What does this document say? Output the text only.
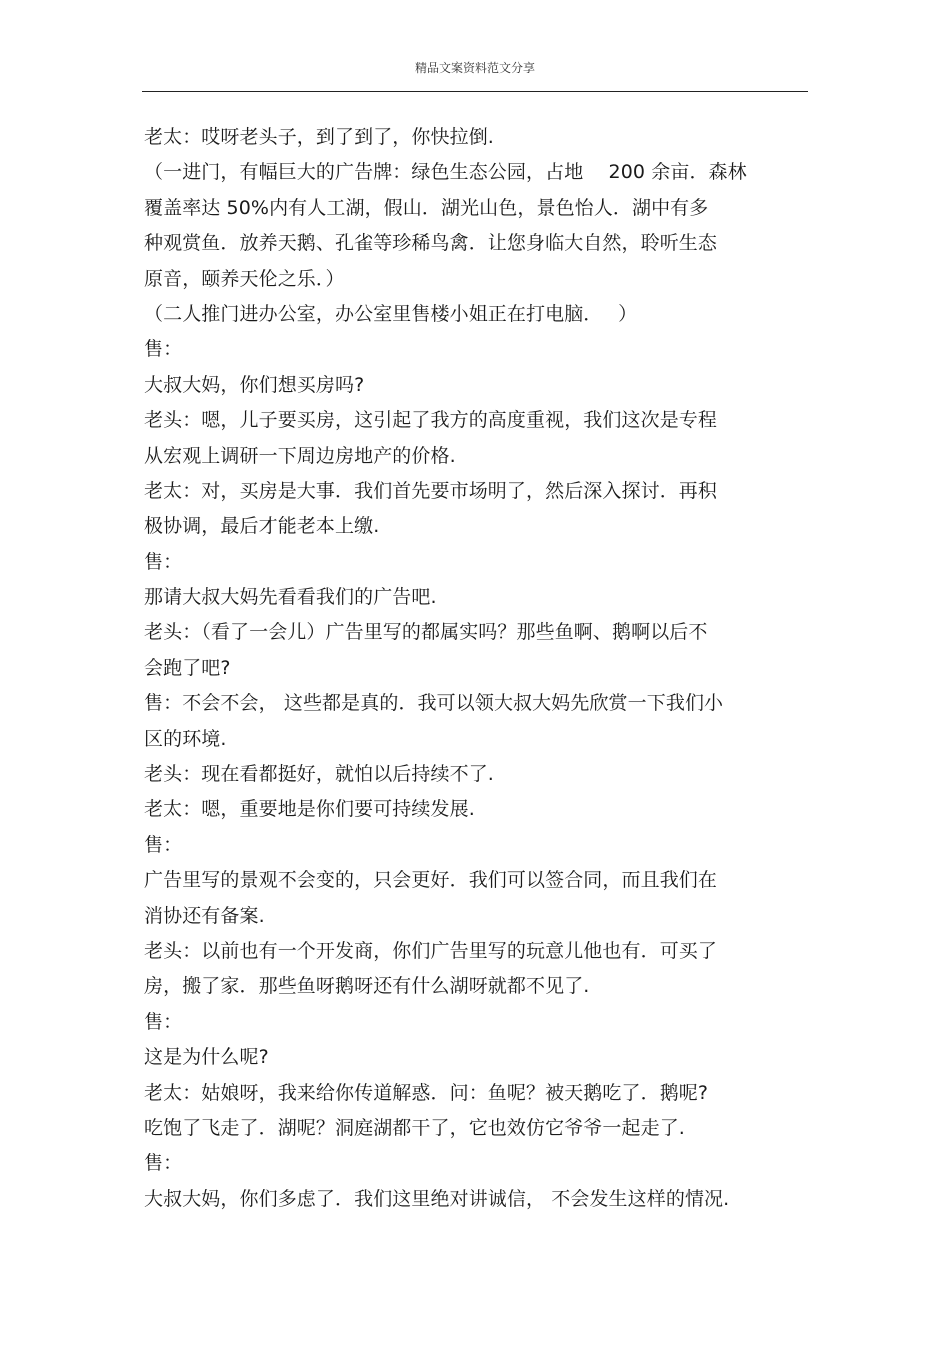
精品文案资料范文分享
老太：哎呀老头子，到了到了，你快拉倒.
（一进门，有幅巨大的广告牌：绿色生态公园，占地　 200 余亩．森林
覆盖率达 50%内有人工湖，假山．湖光山色，景色怡人．湖中有多
种观赏鱼．放养天鹅、孔雀等珍稀鸟禽．让您身临大自然，聆听生态
原音，颐养天伦之乐．）
（二人推门进办公室，办公室里售楼小姐正在打电脑．　 ）
售：
大叔大妈，你们想买房吗?
老头：嗯，儿子要买房，这引起了我方的高度重视，我们这次是专程
从宏观上调研一下周边房地产的价格.
老太：对，买房是大事．我们首先要市场明了，然后深入探讨．再积
极协调，最后才能老本上缴.
售：
那请大叔大妈先看看我们的广告吧.
老头：（看了一会儿）广告里写的都属实吗？那些鱼啊、鹅啊以后不
会跑了吧?
售：不会不会， 这些都是真的．我可以领大叔大妈先欣赏一下我们小
区的环境.
老头：现在看都挺好，就怕以后持续不了.
老太：嗯，重要地是你们要可持续发展.
售：
广告里写的景观不会变的，只会更好．我们可以签合同，而且我们在
消协还有备案.
老头：以前也有一个开发商，你们广告里写的玩意儿他也有．可买了
房，搬了家．那些鱼呀鹅呀还有什么湖呀就都不见了.
售：
这是为什么呢?
老太：姑娘呀，我来给你传道解惑．问：鱼呢？被天鹅吃了．鹅呢?
吃饱了飞走了．湖呢？洞庭湖都干了，它也效仿它爷爷一起走了.
售：
大叔大妈，你们多虑了．我们这里绝对讲诚信， 不会发生这样的情况.
